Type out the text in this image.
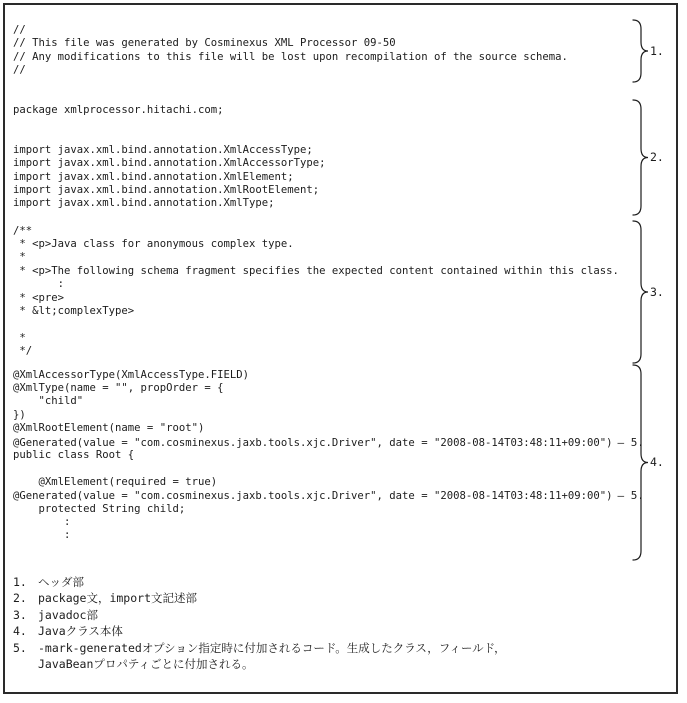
//
// This file was generated by Cosminexus XML Processor 09-50
// Any modifications to this file will be lost upon recompilation of the source schema.
//
1.
package xmlprocessor.hitachi.com;
import javax.xml.bind.annotation.XmlAccessType;
import javax.xml.bind.annotation.XmlAccessorType;
import javax.xml.bind.annotation.XmlElement;
import javax.xml.bind.annotation.XmlRootElement;
import javax.xml.bind.annotation.XmlType;
2.
/**
* <p>Java class for anonymous complex type.
*
* <p>The following schema fragment specifies the expected content contained within this class.
:
* <pre>
* &lt;complexType>
*
*/
3.
@XmlAccessorType(XmlAccessType.FIELD)
@XmlType(name = "", propOrder = {
"child"
})
@XmlRootElement(name = "root")
@Generated(value = "com.cosminexus.jaxb.tools.xjc.Driver", date = "2008-08-14T03:48:11+09:00") — 5.
public class Root {
@XmlElement(required = true)
@Generated(value = "com.cosminexus.jaxb.tools.xjc.Driver", date = "2008-08-14T03:48:11+09:00") — 5.
protected String child;
:
:
4.
1. ヘッダ部
2. package文，import文記述部
3. javadoc部
4. Javaクラス本体
5. -mark-generatedオプション指定時に付加されるコード。生成したクラス，フィールド，
JavaBeanプロパティごとに付加される。
